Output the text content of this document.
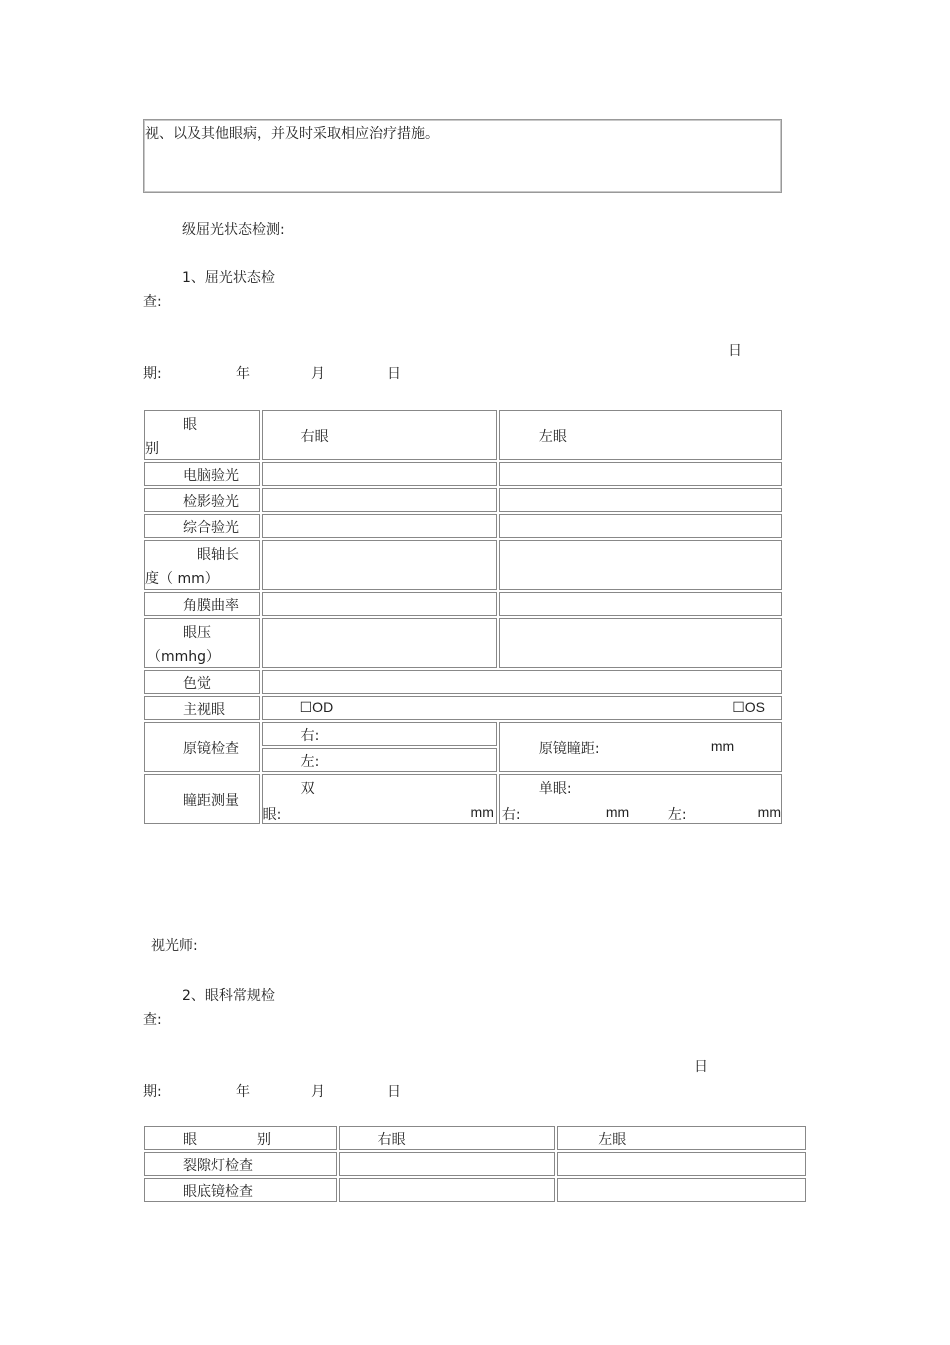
视、以及其他眼病，并及时采取相应治疗措施。
级屈光状态检测:
1、屈光状态检
查:
日
期:	年	月	日
眼
别	右眼	左眼

电脑验光		

检影验光		

综合验光		

眼轴长
度（ mm）		

角膜曲率		

眼压
（mmhg）		

色觉		

主视眼	☐OD ☐OS	

原镜检查	右:	原镜瞳距: mm

	左:	

瞳距测量	双
眼: mm	单眼:
右: mm 左: mm
视光师:
2、眼科常规检
查:
日
期:	年	月	日
眼 别	右眼	左眼

裂隙灯检查		

眼底镜检查		
